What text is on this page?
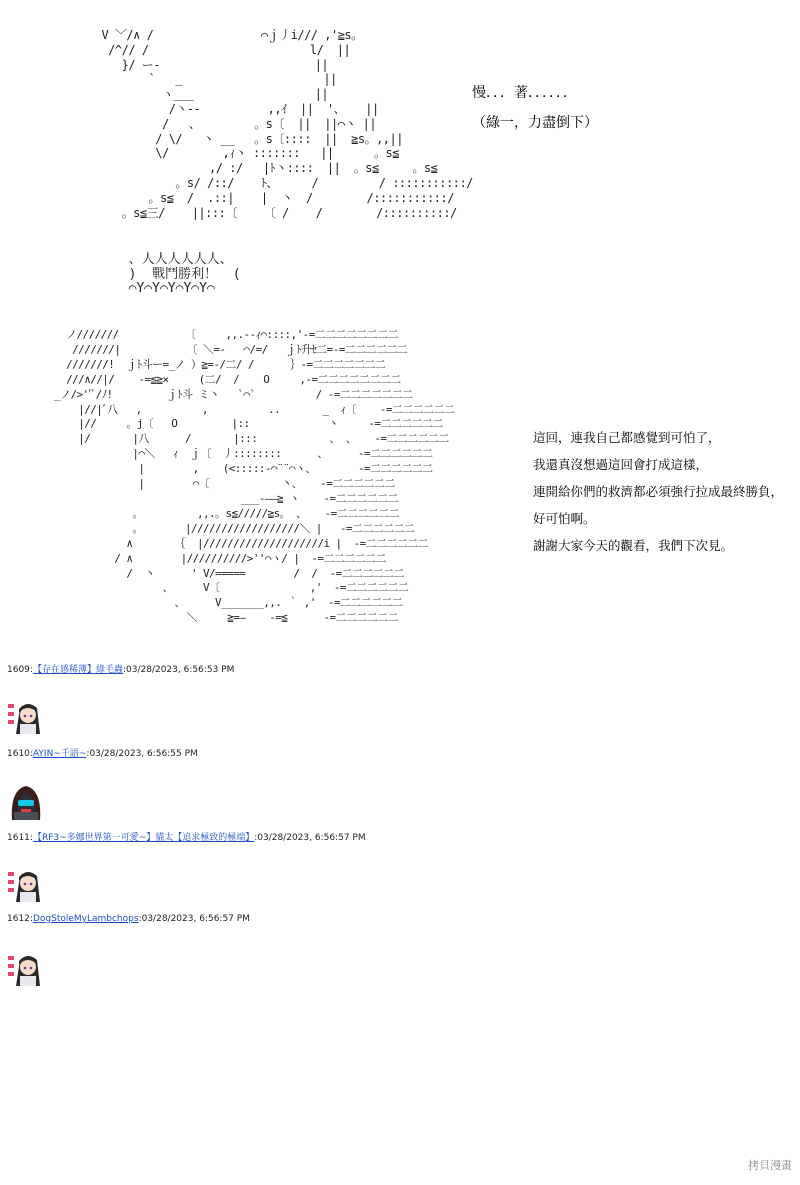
V ﹀/∧ /                ⌒ｊ丿i/// ,'≧s。
/^// /                        l/  ||
}/ ー-                       ||
`   _                     ||
ヽ___                  ||
/丶-‐          ,,ｲ  ||  '、   ||
/   、        。s〔  ||  ||⌒丶 ||
/ \/   丶 __   。s〔::::  ||  ≧s。,,||
\/        ,ｨ丶 :::::::   ||      。s≦
,/ :/   |ﾄ丶::::  ||  。s≦     。s≦
。s/ /::/    ﾄ、     /         / :::::::::::/
。s≦  /  .::|    |  丶  /        /:::::::::::/
。s≦三/    ||:::〔    〔 /    /        /::::::::::/
慢．．．著．．．．．．
（綠一，力盡倒下）
、人人人人人人、
)  戰鬥勝利！  (
⌒Y⌒Y⌒Y⌒Y⌒Y⌒
ノ///////           〔     ,,.-‐ｨ⌒::::,'-=二二二二二二二二
///////|           〔 ＼=-   ⌒/=/   ｊﾄ升ｾ二=-=二二二二二二
///////!  ｊﾄ斗ー=_ノ ）≧=-/二/ /      ｝-=二二二二二二二
///∧//|/    -=≦≧×     (二/  /    O     ,-=二二二二二二二二
_ノ/>''ﾞ/ﾉ!         ｊﾄ斗 ミ丶   `⌒`          / -=二二二二二二二
|//|ﾞ八   ,          ,          ..       _  ｨ〔    -=二二二二二二
|//     。j〔   O         |::             丶     -=二二二二二二
|/       |八      /       |:::            、 、   -=二二二二二二
|⌒＼   ｨ  ｊ〔  丿::::::::      、     -=二二二二二二
|        ,    (<:::::-⌒¨¨⌒ヽ、       -=二二二二二二
|        ⌒〔            丶、   -=二二二二二二
___-――≧ ヽ    -=二二二二二二
。         ,,.。s≦/////≧s。 、   -=二二二二二二
。       |//////////////////＼ |   -=二二二二二二
∧       ｛  |////////////////////i |  -=二二二二二二
/ ∧        |//////////>''⌒ヽ/ |  -=二二二二二二
/  丶      ' V/=====        /  /  -=二二二二二二
、     V〔               ,'  -=二二二二二二
、     V_______,,. ｀ ,'  -=二二二二二二
＼     ≧=―    -=≦      -=二二二二二二
這回，連我自己都感覺到可怕了，
我還真沒想過這回會打成這樣，
連開給你們的救濟都必須強行拉成最終勝負，
好可怕啊。
謝謝大家今天的觀看，我們下次見。
1609:【存在感稀薄】綠毛蟲:03/28/2023, 6:56:53 PM
1610:AYIN~千語~:03/28/2023, 6:56:55 PM
1611:【RF3~多娜世界第一可愛~】貓太【追求極致的極端】:03/28/2023, 6:56:57 PM
1612:DogStoleMyLambchops:03/28/2023, 6:56:57 PM
拷貝漫畫
